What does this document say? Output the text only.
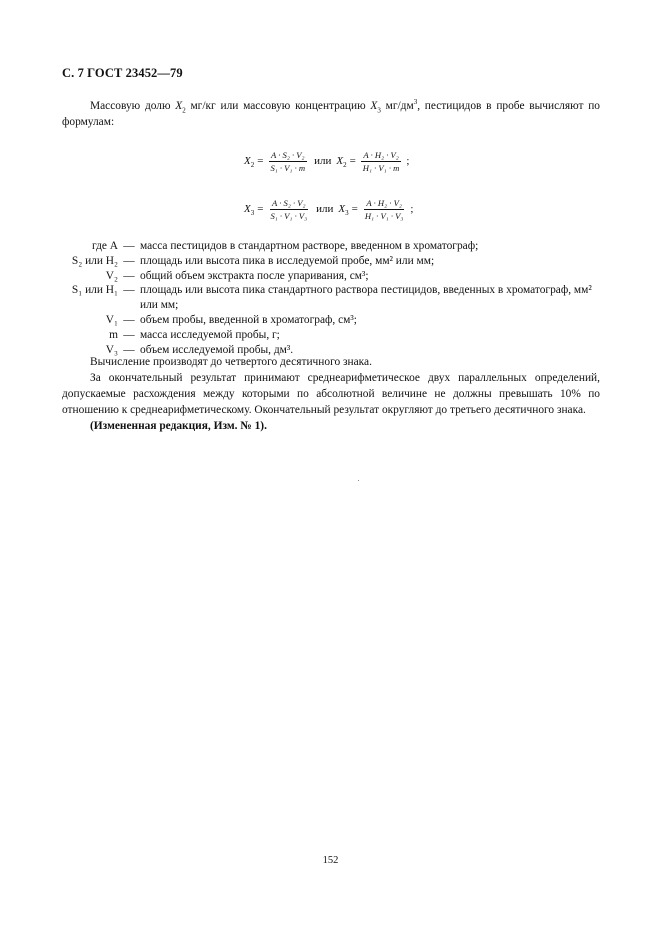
С. 7 ГОСТ 23452—79
Массовую долю $X_2$ мг/кг или массовую концентрацию $X_3$ $мг/дм^3$, пестицидов в пробе вычисляют по формулам:
$X_2 = \frac{\text{A · S₂ · V₂}}{\text{S₁ · V₁ · m}}$ или $X_2 = \frac{\text{A · H₂ · V₂}}{\text{H₁ · V₁ · m}}$ ;
$X_3 = \frac{\text{A · S₂ · V₂}}{\text{S₁ · V₁ · V₃}}$ или $X_3 = \frac{\text{A · H₂ · V₂}}{\text{H₁ · V₁ · V₃}}$ ;
где A — масса пестицидов в стандартном растворе, введенном в хроматограф;
S₂ или H₂ — площадь или высота пика в исследуемой пробе, мм² или мм;
V₂ — общий объем экстракта после упаривания, см³;
S₁ или H₁ — площадь или высота пика стандартного раствора пестицидов, введенных в хроматограф, мм² или мм;
V₁ — объем пробы, введенной в хроматограф, см³;
m — масса исследуемой пробы, г;
V₃ — объем исследуемой пробы, дм³.

Вычисление производят до четвертого десятичного знака.

За окончательный результат принимают среднеарифметическое двух параллельных определений, допускаемые расхождения между которыми по абсолютной величине не должны превышать 10% по отношению к среднеарифметическому. Окончательный результат округляют до третьего десятичного знака.

(Измененная редакция, Изм. № 1).

152
